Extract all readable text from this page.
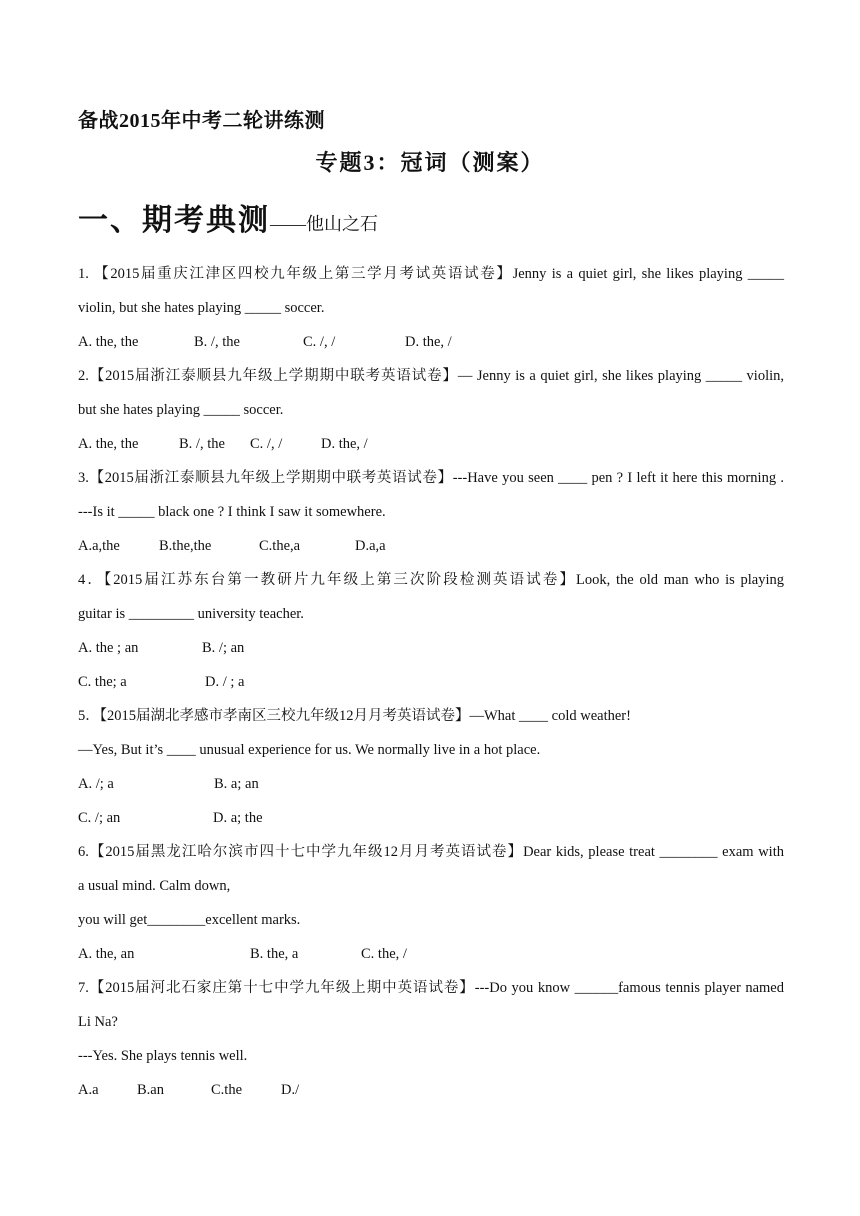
备战2015年中考二轮讲练测
专题3：冠词（测案）
一、期考典测——他山之石
1. 【2015届重庆江津区四校九年级上第三学月考试英语试卷】Jenny is a quiet girl, she likes playing _____
violin, but she hates playing _____ soccer.
A. the, the	B. /, the	C. /, /	D. the, /
2.【2015届浙江泰顺县九年级上学期期中联考英语试卷】— Jenny is a quiet girl, she likes playing _____ violin,
but she hates playing _____ soccer.
A. the, the	B. /, the C. /, /	D. the, /
3.【2015届浙江泰顺县九年级上学期期中联考英语试卷】---Have you seen ____ pen ? I left it here this morning .
---Is it _____ black one ? I think I saw it somewhere.
A.a,the	B.the,the	C.the,a	D.a,a
4．【2015届江苏东台第一教研片九年级上第三次阶段检测英语试卷】Look, the old man who is playing
guitar is _________ university teacher.
A. the ; an	B. /; an
C. the; a	D. / ; a
5．【2015届湖北孝感市孝南区三校九年级12月月考英语试卷】—What ____ cold weather!
—Yes, But it’s ____ unusual experience for us. We normally live in a hot place.
A. /; a	B. a; an
C. /; an	D. a; the
6.【2015届黑龙江哈尔滨市四十七中学九年级12月月考英语试卷】Dear kids, please treat ________ exam with
a usual mind. Calm down,
you will get________excellent marks.
A. the, an	B. the, a	C. the, /
7.【2015届河北石家庄第十七中学九年级上期中英语试卷】---Do you know ______famous tennis player named
Li Na?
---Yes. She plays tennis well.
A.a	B.an	C.the	D./
